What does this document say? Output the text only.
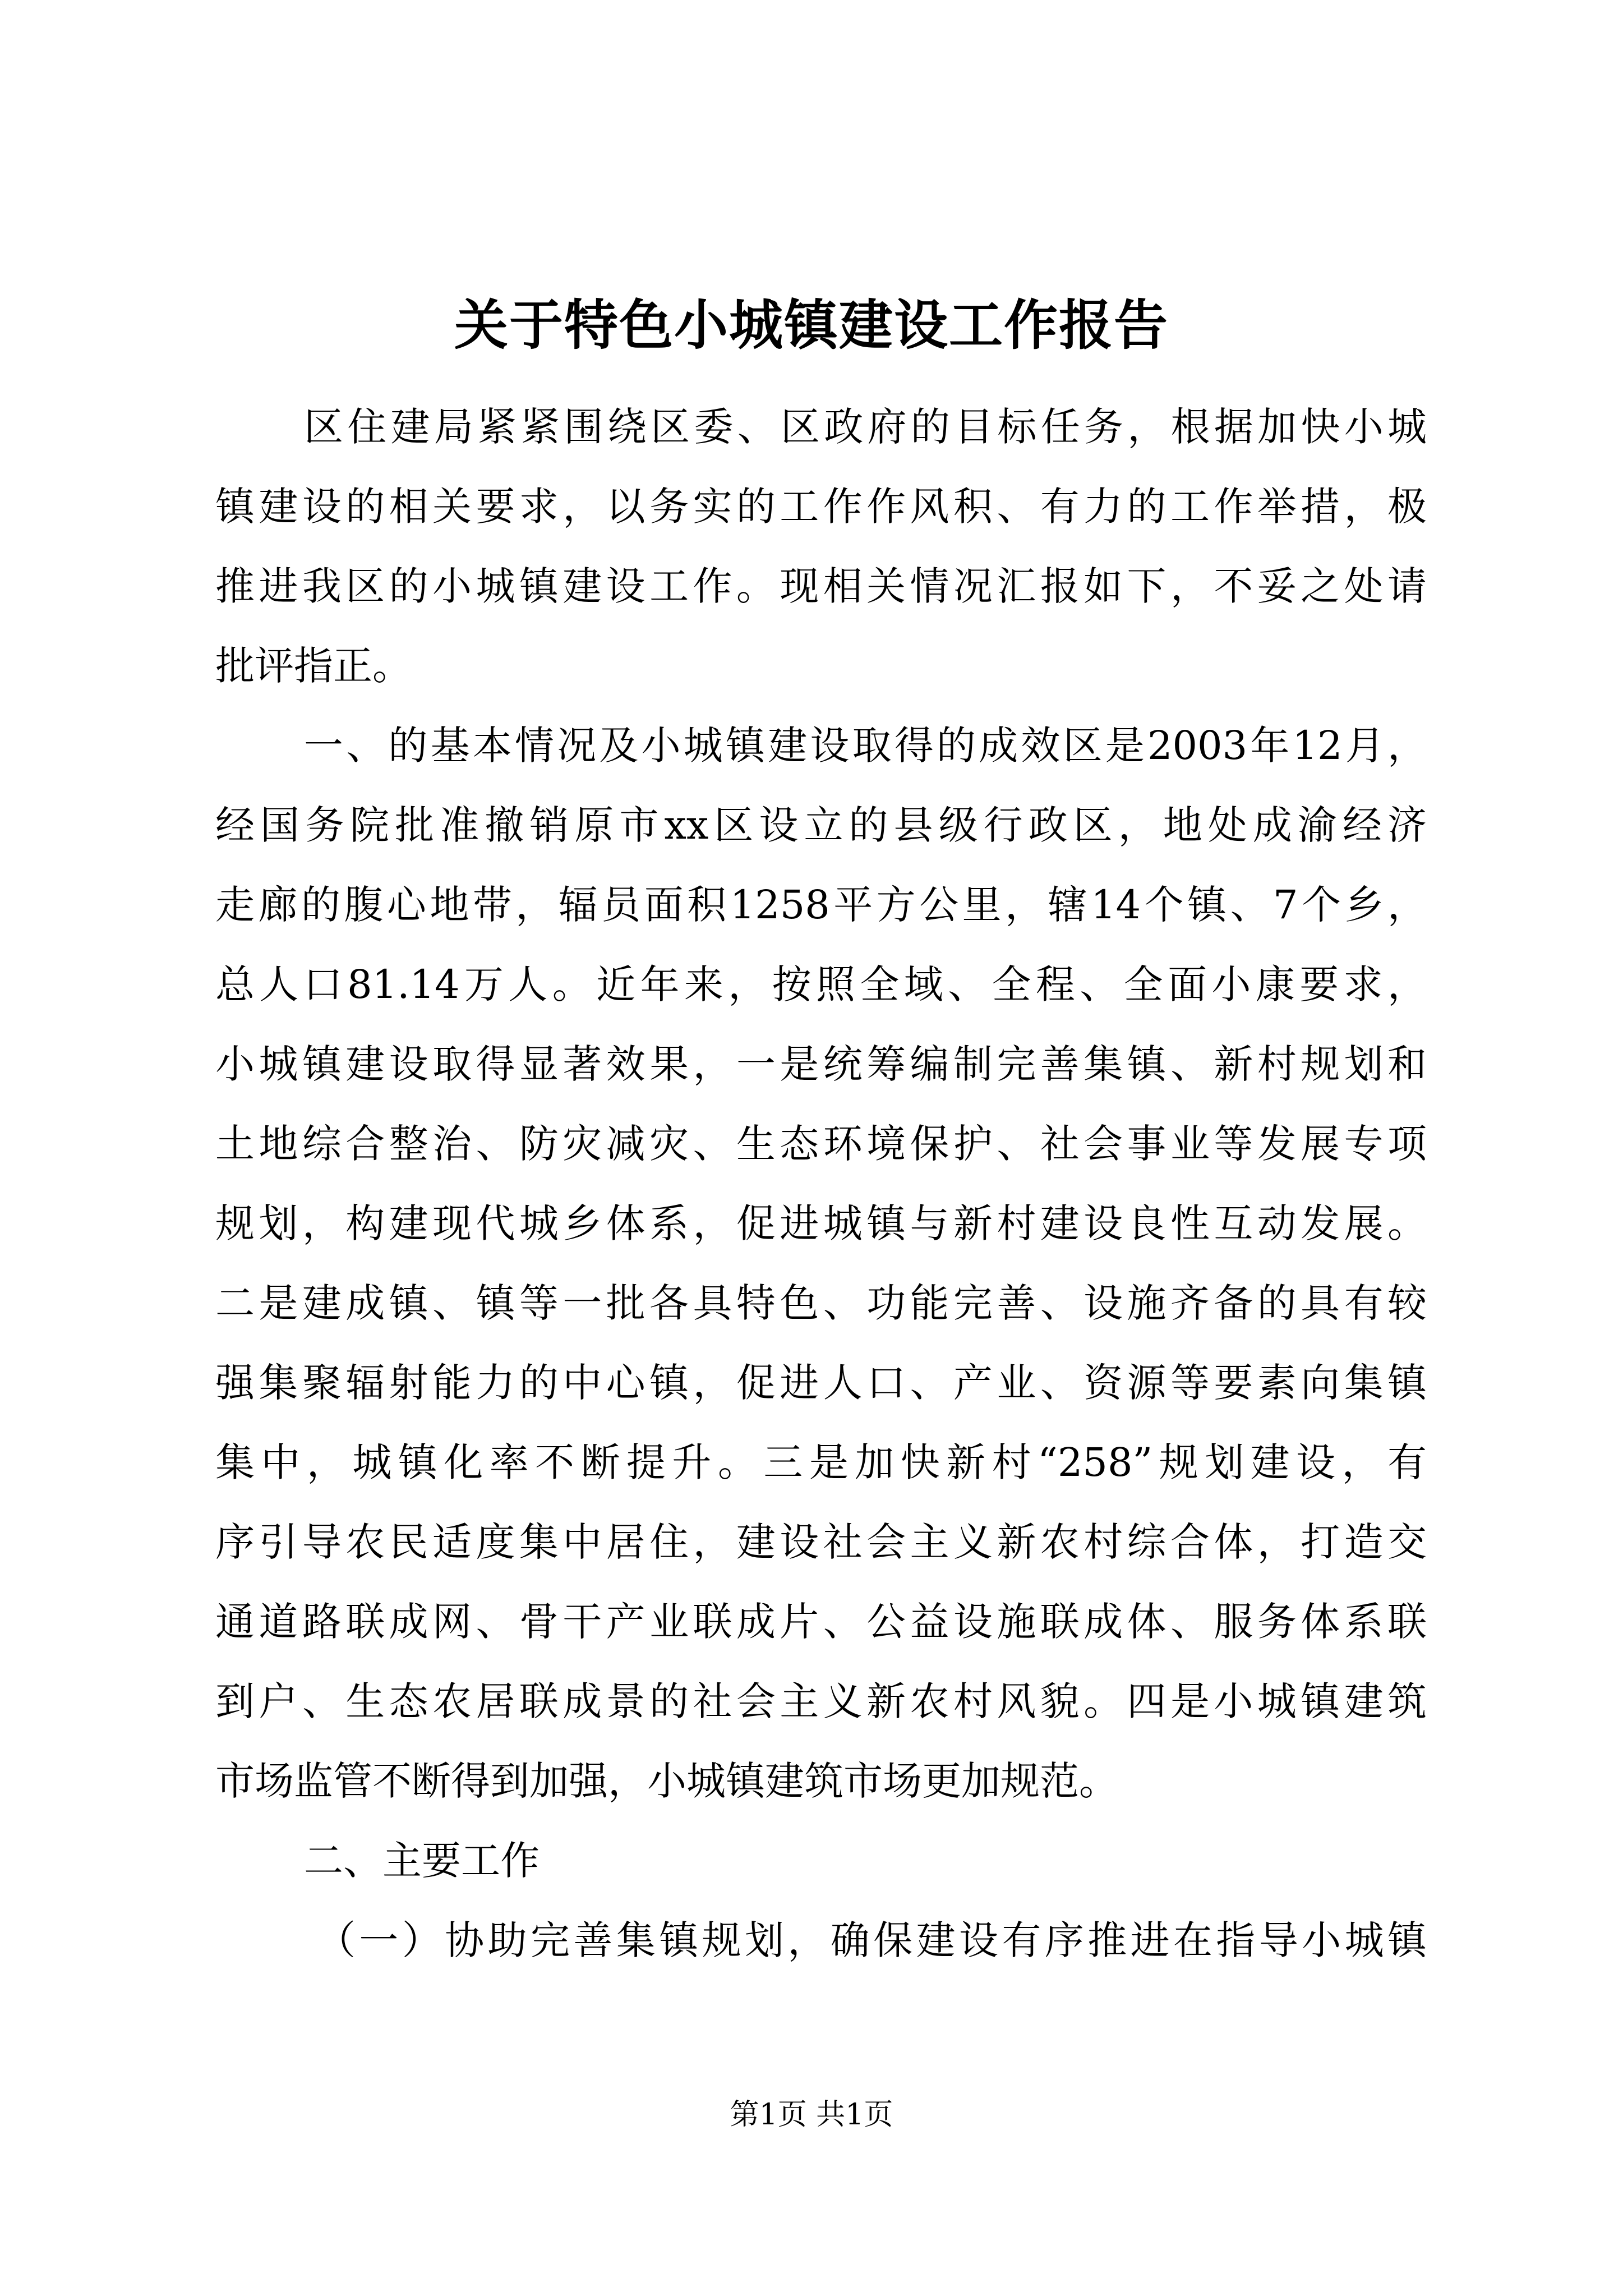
关于特色小城镇建设工作报告
区住建局紧紧围绕区委、区政府的目标任务，根据加快小城
镇建设的相关要求，以务实的工作作风积、有力的工作举措，极
推进我区的小城镇建设工作。现相关情况汇报如下，不妥之处请
批评指正。
一、的基本情况及小城镇建设取得的成效区是2003年12月，
经国务院批准撤销原市xx区设立的县级行政区，地处成渝经济
走廊的腹心地带，辐员面积1258平方公里，辖14个镇、7个乡，
总人口81.14万人。近年来，按照全域、全程、全面小康要求，
小城镇建设取得显著效果，一是统筹编制完善集镇、新村规划和
土地综合整治、防灾减灾、生态环境保护、社会事业等发展专项
规划，构建现代城乡体系，促进城镇与新村建设良性互动发展。
二是建成镇、镇等一批各具特色、功能完善、设施齐备的具有较
强集聚辐射能力的中心镇，促进人口、产业、资源等要素向集镇
集中，城镇化率不断提升。三是加快新村“258”规划建设，有
序引导农民适度集中居住，建设社会主义新农村综合体，打造交
通道路联成网、骨干产业联成片、公益设施联成体、服务体系联
到户、生态农居联成景的社会主义新农村风貌。四是小城镇建筑
市场监管不断得到加强，小城镇建筑市场更加规范。
二、主要工作
（一）协助完善集镇规划，确保建设有序推进在指导小城镇
第1页 共1页
